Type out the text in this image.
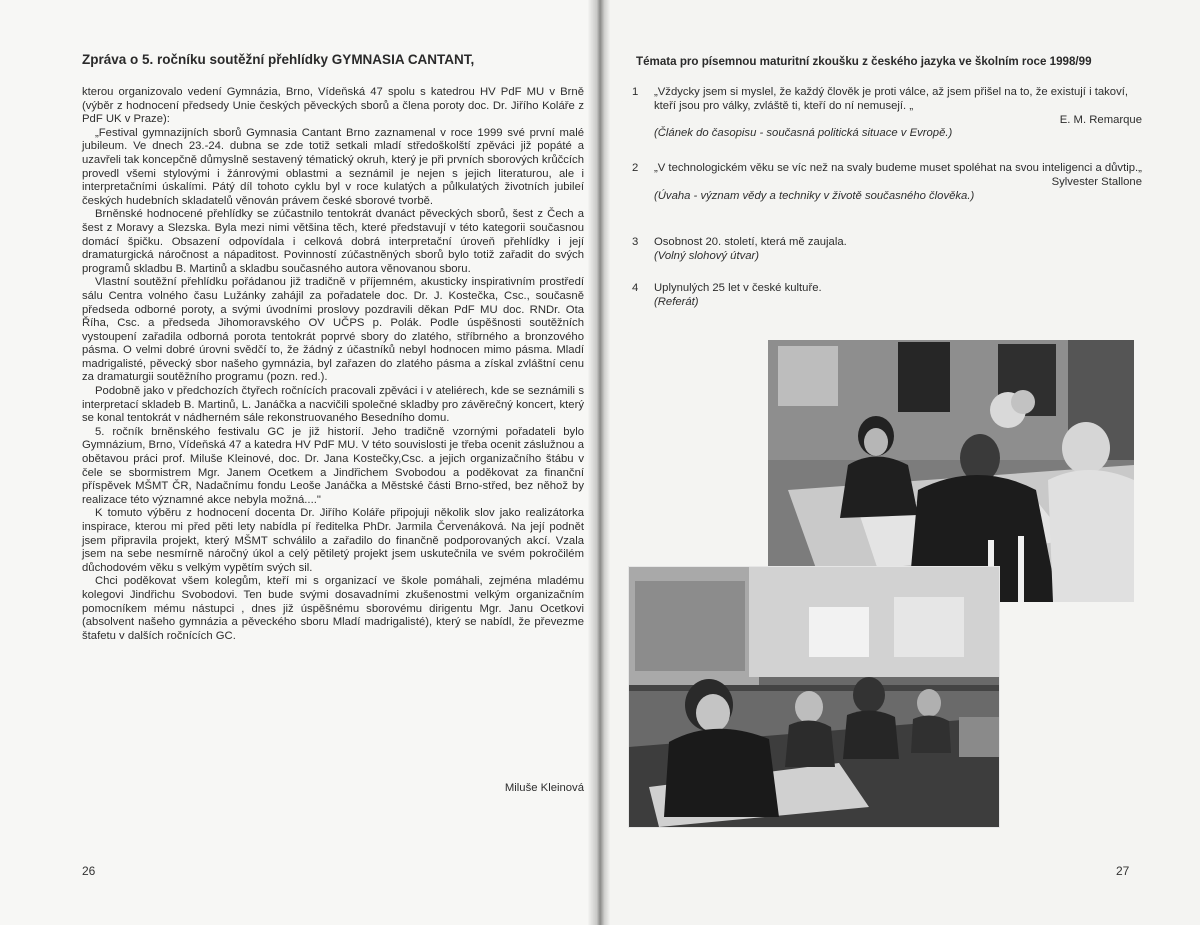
Zpráva o 5. ročníku soutěžní přehlídky GYMNASIA CANTANT,

kterou organizovalo vedení Gymnázia, Brno, Vídeňská 47 spolu s katedrou HV PdF MU v Brně (výběr z hodnocení předsedy Unie českých pěveckých sborů a člena poroty doc. Dr. Jiřího Koláře z PdF UK v Praze):

„Festival gymnazijních sborů Gymnasia Cantant Brno zaznamenal v roce 1999 své první malé jubileum. Ve dnech 23.-24. dubna se zde totiž setkali mladí středoškolští zpěváci již popáté a uzavřeli tak koncepčně důmyslně sestavený tématický okruh, který je při prvních sborových krůčcích provedl všemi stylovými i žánrovými oblastmi a seznámil je nejen s jejich literaturou, ale i interpretačními úskalími. Pátý díl tohoto cyklu byl v roce kulatých a půlkulatých životních jubileí českých hudebních skladatelů věnován právem české sborové tvorbě.

Brněnské hodnocené přehlídky se zúčastnilo tentokrát dvanáct pěveckých sborů, šest z Čech a šest z Moravy a Slezska. Byla mezi nimi většina těch, které představují v této kategorii současnou domácí špičku. Obsazení odpovídala i celková dobrá interpretační úroveň přehlídky i její dramaturgická náročnost a nápaditost. Povinností zúčastněných sborů bylo totiž zařadit do svých programů skladbu B. Martinů a skladbu současného autora věnovanou sboru.

Vlastní soutěžní přehlídku pořádanou již tradičně v příjemném, akusticky inspirativním prostředí sálu Centra volného času Lužánky zahájil za pořadatele doc. Dr. J. Kostečka, Csc., současně předseda odborné poroty, a svými úvodními proslovy pozdravili děkan PdF MU doc. RNDr. Ota Říha, Csc. a předseda Jihomoravského OV UČPS p. Polák. Podle úspěšnosti soutěžních vystoupení zařadila odborná porota tentokrát poprvé sbory do zlatého, stříbrného a bronzového pásma. O velmi dobré úrovni svědčí to, že žádný z účastníků nebyl hodnocen mimo pásma. Mladí madrigalisté, pěvecký sbor našeho gymnázia, byl zařazen do zlatého pásma a získal zvláštní cenu za dramaturgii soutěžního programu (pozn. red.).

Podobně jako v předchozích čtyřech ročnících pracovali zpěváci i v ateliérech, kde se seznámili s interpretací skladeb B. Martinů, L. Janáčka a nacvičili společné skladby pro závěrečný koncert, který se konal tentokrát v nádherném sále rekonstruovaného Besedního domu.

5. ročník brněnského festivalu GC je již historií. Jeho tradičně vzornými pořadateli bylo Gymnázium, Brno, Vídeňská 47 a katedra HV PdF MU. V této souvislosti je třeba ocenit záslužnou a obětavou práci prof. Miluše Kleinové, doc. Dr. Jana Kostečky,Csc. a jejich organizačního štábu v čele se sbormistrem Mgr. Janem Ocetkem a Jindřichem Svobodou a poděkovat za finanční příspěvek MŠMT ČR, Nadačnímu fondu Leoše Janáčka a Městské části Brno-střed, bez něhož by realizace této významné akce nebyla možná...."

K tomuto výběru z hodnocení docenta Dr. Jiřího Koláře připojuji několik slov jako realizátorka inspirace, kterou mi před pěti lety nabídla pí ředitelka PhDr. Jarmila Červenáková. Na její podnět jsem připravila projekt, který MŠMT schválilo a zařadilo do finančně podporovaných akcí. Vzala jsem na sebe nesmírně náročný úkol a celý pětiletý projekt jsem uskutečnila ve svém pokročilém důchodovém věku s velkým vypětím svých sil.

Chci poděkovat všem kolegům, kteří mi s organizací ve škole pomáhali, zejména mladému kolegovi Jindřichu Svobodovi. Ten bude svými dosavadními zkušenostmi velkým organizačním pomocníkem mému nástupci , dnes již úspěšnému sborovému dirigentu Mgr. Janu Ocetkovi (absolvent našeho gymnázia a pěveckého sboru Mladí madrigalisté), který se nabídl, že převezme štafetu v dalších ročnících GC.

Miluše Kleinová
26
Témata pro písemnou maturitní zkoušku z českého jazyka ve školním roce 1998/99
1 „Vždycky jsem si myslel, že každý člověk je proti válce, až jsem přišel na to, že existují i takoví, kteří jsou pro války, zvláště ti, kteří do ní nemusejí. „
E. M. Remarque
(Článek do časopisu - současná politická situace v Evropě.)
2 „V technologickém věku se víc než na svaly budeme muset spoléhat na svou inteligenci a důvtip.„
Sylvester Stallone
(Úvaha - význam vědy a techniky v životě současného člověka.)
3 Osobnost 20. století, která mě zaujala.
(Volný slohový útvar)
4 Uplynulých 25 let v české kultuře.
(Referát)
27
